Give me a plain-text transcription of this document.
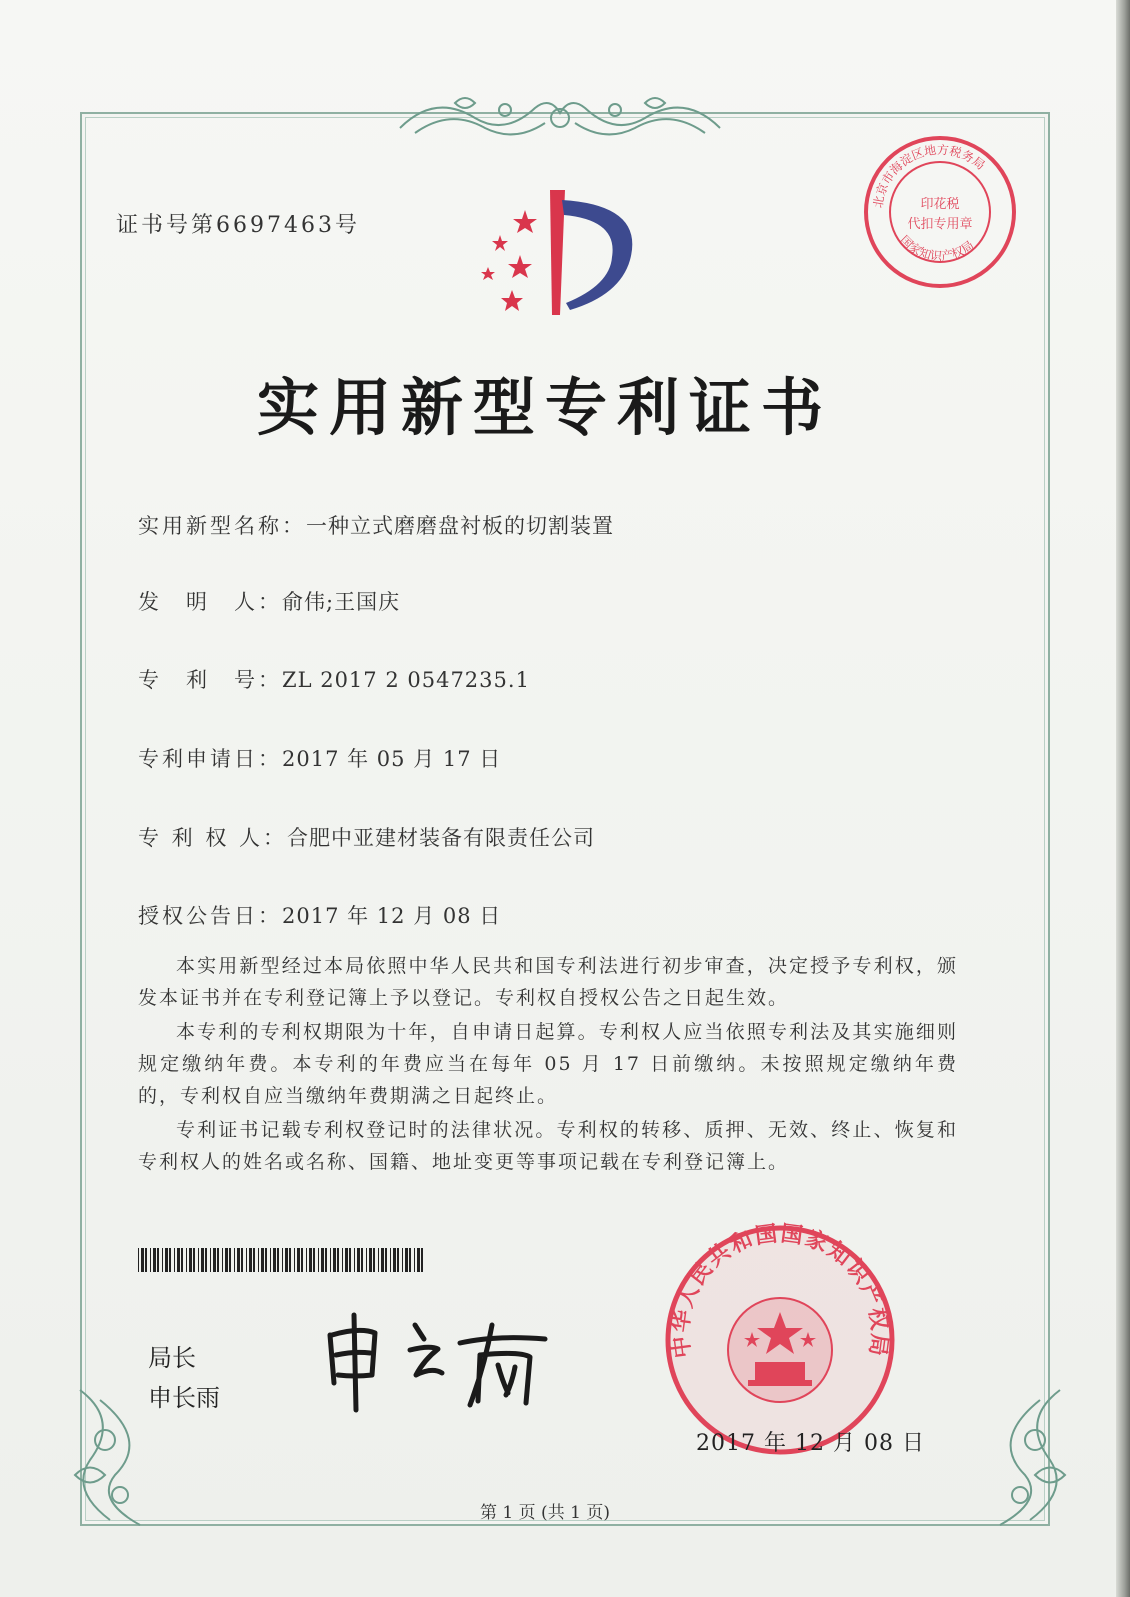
证书号第6697463号
北京市海淀区地方税务局
国家知识产权局
印花税
代扣专用章
实用新型专利证书
实用新型名称：一种立式磨磨盘衬板的切割装置
发　明　人：俞伟;王国庆
专　利　号：ZL 2017 2 0547235.1
专利申请日：2017 年 05 月 17 日
专 利 权 人：合肥中亚建材装备有限责任公司
授权公告日：2017 年 12 月 08 日
本实用新型经过本局依照中华人民共和国专利法进行初步审查，决定授予专利权，颁发本证书并在专利登记簿上予以登记。专利权自授权公告之日起生效。
本专利的专利权期限为十年，自申请日起算。专利权人应当依照专利法及其实施细则规定缴纳年费。本专利的年费应当在每年 05 月 17 日前缴纳。未按照规定缴纳年费的，专利权自应当缴纳年费期满之日起终止。
专利证书记载专利权登记时的法律状况。专利权的转移、质押、无效、终止、恢复和专利权人的姓名或名称、国籍、地址变更等事项记载在专利登记簿上。
局长
申长雨
中华人民共和国国家知识产权局
2017 年 12 月 08 日
第 1 页 (共 1 页)
